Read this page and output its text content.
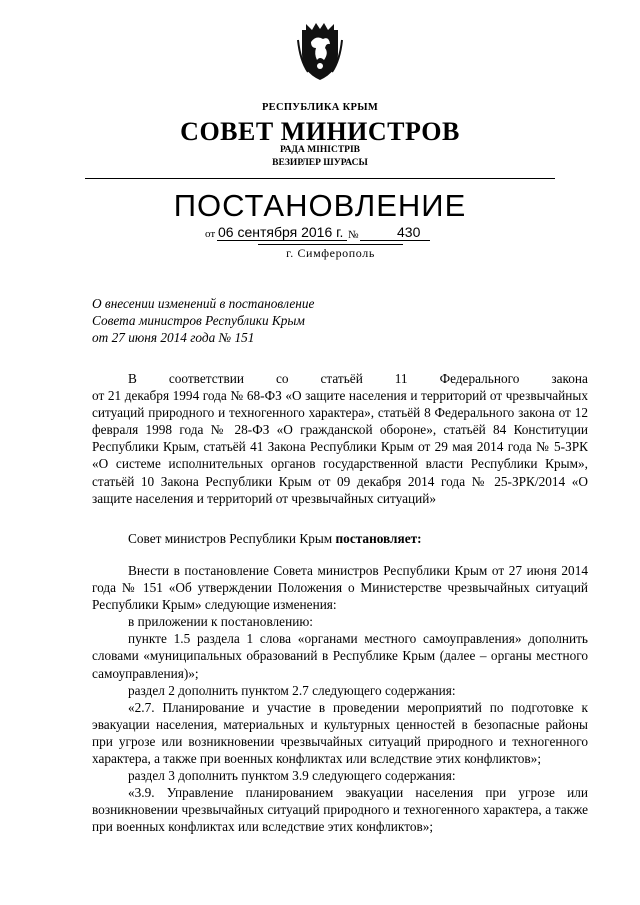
РЕСПУБЛИКА КРЫМ
СОВЕТ МИНИСТРОВ
РАДА МІНІСТРІВ
ВЕЗИРЛЕР ШУРАСЫ
ПОСТАНОВЛЕНИЕ
от 06 сентября 2016 г. №	430
г. Симферополь
О внесении изменений в постановление
Совета министров Республики Крым
от 27 июня 2014 года № 151
В соответствии со статьёй 11 Федерального закона

от 21 декабря 1994 года № 68-ФЗ «О защите населения и территорий от чрезвычайных ситуаций природного и техногенного характера», статьёй 8 Федерального закона от 12 февраля 1998 года № 28-ФЗ «О гражданской обороне», статьёй 84 Конституции Республики Крым, статьёй 41 Закона Республики Крым от 29 мая 2014 года № 5-ЗРК «О системе исполнительных органов государственной власти Республики Крым», статьёй 10 Закона Республики Крым от 09 декабря 2014 года № 25-ЗРК/2014 «О защите населения и территорий от чрезвычайных ситуаций»

Совет министров Республики Крым постановляет:

Внести в постановление Совета министров Республики Крым от 27 июня 2014 года № 151 «Об утверждении Положения о Министерстве чрезвычайных ситуаций Республики Крым» следующие изменения:

в приложении к постановлению:

пункте 1.5 раздела 1 слова «органами местного самоуправления» дополнить словами «муниципальных образований в Республике Крым (далее – органы местного самоуправления)»;

раздел 2 дополнить пунктом 2.7 следующего содержания:

«2.7. Планирование и участие в проведении мероприятий по подготовке к эвакуации населения, материальных и культурных ценностей в безопасные районы при угрозе или возникновении чрезвычайных ситуаций природного и техногенного характера, а также при военных конфликтах или вследствие этих конфликтов»;

раздел 3 дополнить пунктом 3.9 следующего содержания:

«3.9. Управление планированием эвакуации населения при угрозе или возникновении чрезвычайных ситуаций природного и техногенного характера, а также при военных конфликтах или вследствие этих конфликтов»;
